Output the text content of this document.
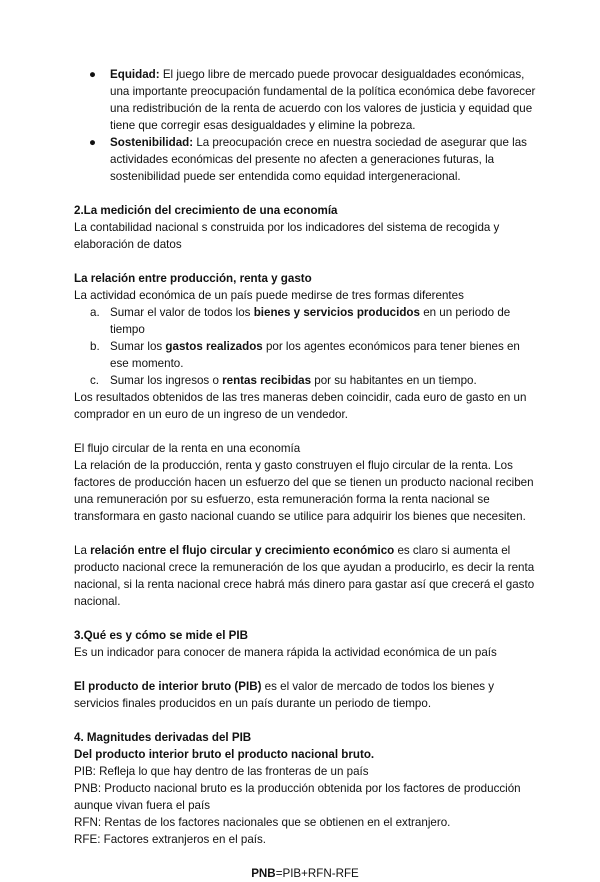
● Equidad: El juego libre de mercado puede provocar desigualdades económicas, una importante preocupación fundamental de la política económica debe favorecer una redistribución de la renta de acuerdo con los valores de justicia y equidad que tiene que corregir esas desigualdades y elimine la pobreza.
● Sostenibilidad: La preocupación crece en nuestra sociedad de asegurar que las actividades económicas del presente no afecten a generaciones futuras, la sostenibilidad puede ser entendida como equidad intergeneracional.

2.La medición del crecimiento de una economía

La contabilidad nacional s construida por los indicadores del sistema de recogida y elaboración de datos

La relación entre producción, renta y gasto

La actividad económica de un país puede medirse de tres formas diferentes

a. Sumar el valor de todos los bienes y servicios producidos en un periodo de tiempo
b. Sumar los gastos realizados por los agentes económicos para tener bienes en ese momento.
c. Sumar los ingresos o rentas recibidas por su habitantes en un tiempo.

Los resultados obtenidos de las tres maneras deben coincidir, cada euro de gasto en un comprador en un euro de un ingreso de un vendedor.

El flujo circular de la renta en una economía

La relación de la producción, renta y gasto construyen el flujo circular de la renta. Los factores de producción hacen un esfuerzo del que se tienen un producto nacional reciben una remuneración por su esfuerzo, esta remuneración forma la renta nacional se transformara en gasto nacional cuando se utilice para adquirir los bienes que necesiten.

La relación entre el flujo circular y crecimiento económico es claro si aumenta el producto nacional crece la remuneración de los que ayudan a producirlo, es decir la renta nacional, si la renta nacional crece habrá más dinero para gastar así que crecerá el gasto nacional.

3.Qué es y cómo se mide el PIB

Es un indicador para conocer de manera rápida la actividad económica de un país

El producto de interior bruto (PIB) es el valor de mercado de todos los bienes y servicios finales producidos en un país durante un periodo de tiempo.

4. Magnitudes derivadas del PIB

Del producto interior bruto el producto nacional bruto.

PIB: Refleja lo que hay dentro de las fronteras de un país

PNB: Producto nacional bruto es la producción obtenida por los factores de producción aunque vivan fuera el país

RFN: Rentas de los factores nacionales que se obtienen en el extranjero.

RFE: Factores extranjeros en el país.

PNB=PIB+RFN-RFE
